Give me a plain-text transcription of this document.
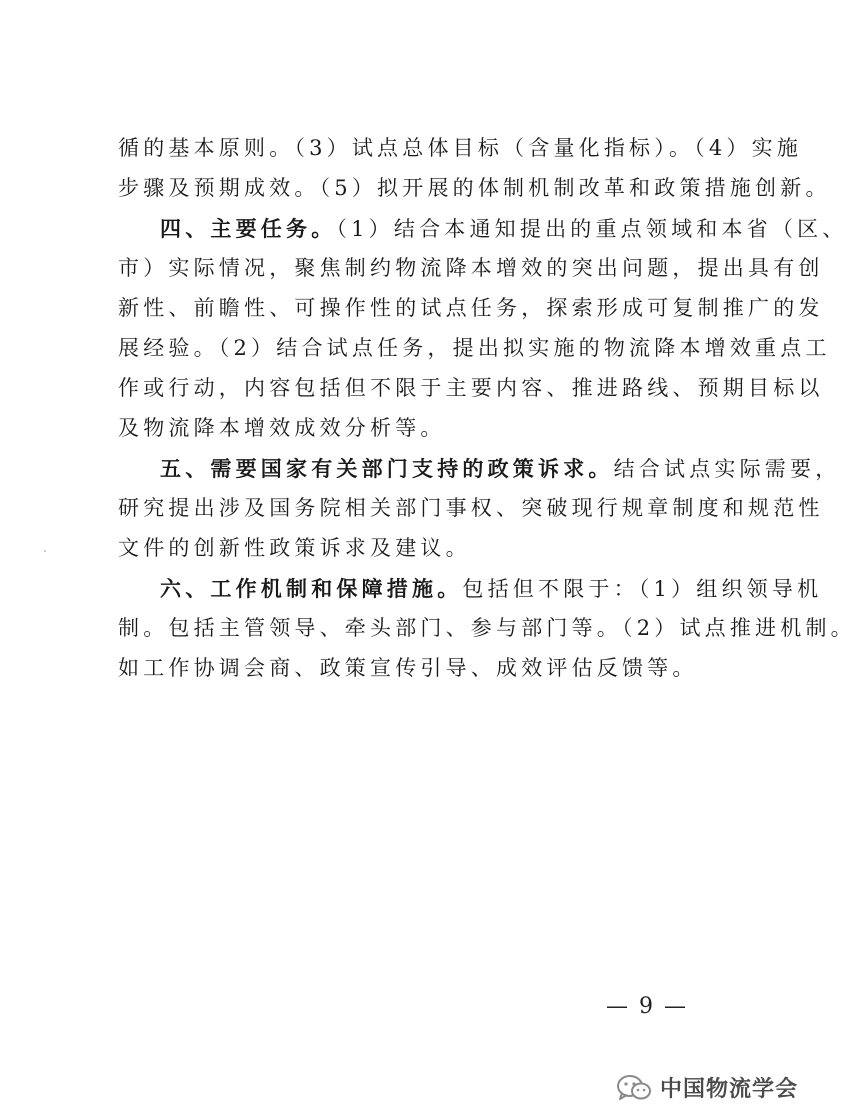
循的基本原则。（3）试点总体目标（含量化指标）。（4）实施
步骤及预期成效。（5）拟开展的体制机制改革和政策措施创新。
四、主要任务。（1）结合本通知提出的重点领域和本省（区、
市）实际情况，聚焦制约物流降本增效的突出问题，提出具有创
新性、前瞻性、可操作性的试点任务，探索形成可复制推广的发
展经验。（2）结合试点任务，提出拟实施的物流降本增效重点工
作或行动，内容包括但不限于主要内容、推进路线、预期目标以
及物流降本增效成效分析等。
五、需要国家有关部门支持的政策诉求。结合试点实际需要，
研究提出涉及国务院相关部门事权、突破现行规章制度和规范性
文件的创新性政策诉求及建议。
六、工作机制和保障措施。包括但不限于：（1）组织领导机
制。包括主管领导、牵头部门、参与部门等。（2）试点推进机制。
如工作协调会商、政策宣传引导、成效评估反馈等。
— 9 —
中国物流学会
